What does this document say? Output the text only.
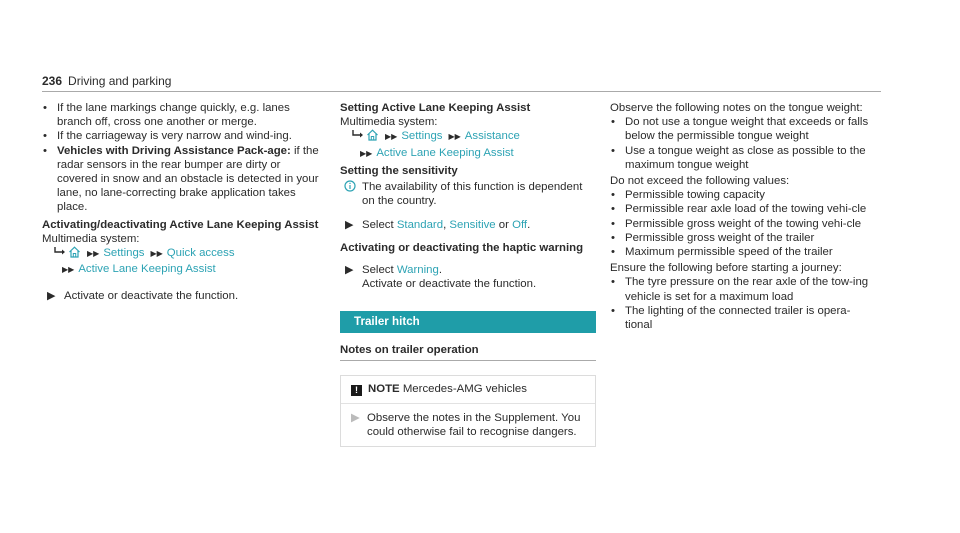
236 Driving and parking
• If the lane markings change quickly, e.g. lanes branch off, cross one another or merge.
• If the carriageway is very narrow and wind-ing.
• Vehicles with Driving Assistance Pack-age: if the radar sensors in the rear bumper are dirty or covered in snow and an obstacle is detected in your lane, no lane-correcting brake application takes place.
Activating/deactivating Active Lane Keeping Assist
Multimedia system:
▶▶ Settings ▶▶ Quick access
▶▶ Active Lane Keeping Assist
▶ Activate or deactivate the function.
Setting Active Lane Keeping Assist
Multimedia system:
▶▶ Settings ▶▶ Assistance
▶▶ Active Lane Keeping Assist
Setting the sensitivity
The availability of this function is dependent on the country.
▶ Select Standard, Sensitive or Off.
Activating or deactivating the haptic warning
▶ Select Warning.
Activate or deactivate the function.
Trailer hitch
Notes on trailer operation
! NOTE Mercedes-AMG vehicles
▶ Observe the notes in the Supplement. You could otherwise fail to recognise dangers.
Observe the following notes on the tongue weight:
• Do not use a tongue weight that exceeds or falls below the permissible tongue weight
• Use a tongue weight as close as possible to the maximum tongue weight
Do not exceed the following values:
• Permissible towing capacity
• Permissible rear axle load of the towing vehi-cle
• Permissible gross weight of the towing vehi-cle
• Permissible gross weight of the trailer
• Maximum permissible speed of the trailer
Ensure the following before starting a journey:
• The tyre pressure on the rear axle of the tow-ing vehicle is set for a maximum load
• The lighting of the connected trailer is opera-tional
